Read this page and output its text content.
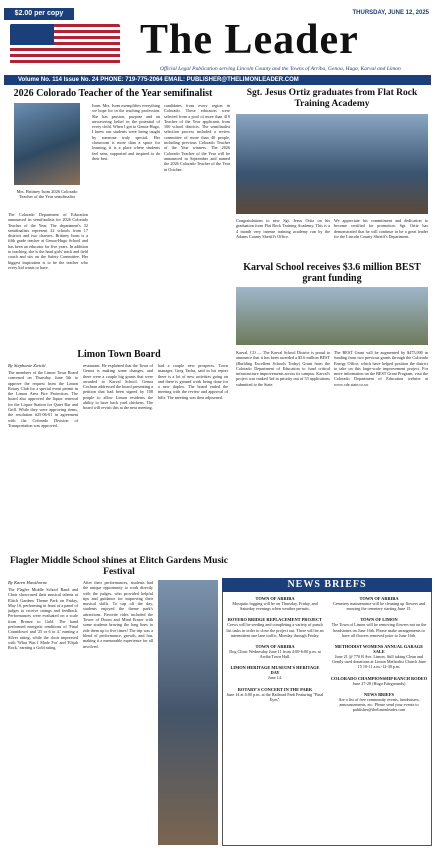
$2.00 per copy	THURSDAY, JUNE 12, 2025
The Leader
Official Legal Publication serving Lincoln County and the Towns of Arriba, Genoa, Hugo, Karval and Limon
Volume No. 114 Issue No. 24 PHONE: 719-775-2064 EMAIL: PUBLISHER@THELIMONLEADER.COM
2026 Colorado Teacher of the Year semifinalist
Mrs. Brittney Isom 2026 Colorado Teacher of the Year semifinalist
The Colorado Department of Education announced its semifinalists for 2026 Colorado Teacher of the Year. The department's 32 semifinalists represent 22 schools from 17 districts and two charters. Brittney Isom is a fifth grade teacher at Genoa-Hugo School and has been an educator for five years. In addition to teaching, she is the head girls' track and field coach and sits on the Safety Committee. Her biggest inspiration is to be the teacher who every kid wants to have.
Isom. Mrs. Isom exemplifies everything we hope for in the teaching profession. She has passion, purpose and an unwavering belief in the potential of every child. When I got to Genoa-Hugo, I knew our students were being taught by someone truly special. Her classroom is more than a space for learning, it is a place where students feel seen, supported and inspired to do their best.
candidates from every region in Colorado. These educators were selected from a pool of more than 419 Teacher of the Year applicants from 100 school districts. The semifinalist selection process included a review committee of more than 40 people, including previous Colorado Teacher of the Year winners. The 2026 Colorado Teacher of the Year will be announced in September and named the 2026 Colorado Teacher of the Year in October.
Sgt. Jesus Ortiz graduates from Flat Rock Training Academy
Congratulations to new Sgt. Jesus Ortiz on his graduation from Flat Rock Training Academy. This is a 4 month very intense training academy run by the Adams County Sheriff's Office.
We appreciate his commitment and dedication to become certified for promotion. Sgt. Ortiz has demonstrated that he will continue to be a great leader for the Lincoln County Sheriff's Department.
Karval School receives $3.6 million BEST grant funding
Karval, CO — The Karval School District is proud to announce that it has been awarded a $3.6 million BEST (Building Excellent Schools Today) Grant from the Colorado Department of Education to fund critical infrastructure improvements across its campus. Karval's project was ranked 3rd in priority out of 53 applications submitted to the State.
The BEST Grant will be augmented by $475,000 in funding from two previous grants through the Colorado Energy Office, which have helped position the district to take on this large-scale improvement project. For more information on the BEST Grant Program, visit the Colorado Department of Education website at www.cde.state.co.us.
Limon Town Board
By Stephanie Zwicki
The members of the Limon Town Board convened on Thursday, June 5th to approve the request from the Limon Rotary Club for a special event permit in the Limon Area Fire Protection. The board also approved the liquor renewal for the Liquor Station for Quiet Bar and Grill. While they were approving items, the resolution #25-06-01 in agreement with the Colorado Division of Transportation was approved.
restaurant. He explained that the Town of Genoa is making some changes, and there were a couple big grants that were awarded to Karval School. Genoa Cochran addressed the board presenting a petition that had been signed by 108 people to allow Limon residents the ability to have back yard chickens. The board will revisit this at the next meeting.
had a couple new prospects. Town manager, Greg Tacha, said in his report there is a lot of new activities going on and there is ground work being done for a new duplex. The board ended the meeting with the review and approval of bills. The meeting was then adjourned.
Flagler Middle School shines at Elitch Gardens Music Festival
By Karen Hawthorne
The Flagler Middle School Band and Choir showcased their musical talents at Elitch Gardens Theme Park on Friday, May 16, performing in front of a panel of judges to receive ratings and feedback. Performances were evaluated on a scale from Bronze to Gold. The band performed energetic renditions of 'Final Countdown' and '25 or 6 to 4,' earning a Silver rating, while the choir impressed with 'What Was I Made For' and 'Elijah Rock,' earning a Gold rating.
After their performances, students had the unique opportunity to work directly with the judges, who provided helpful tips and guidance for improving their musical skills. To cap off the day, students enjoyed the theme park's attractions. Favorite rides included the Tower of Doom and Mind Eraser with some students braving the long lines to ride them up to five times! The trip was a blend of performance, growth, and fun, making it a memorable experience for all involved.
NEWS BRIEFS
TOWN OF ARRIBA
Mosquito fogging will be on Thursday, Friday, and Saturday evenings when weather permits.
BOYERO BRIDGE REPLACEMENT PROJECT
Crews will be seeding and completing a variety of punch list tasks in order to close the project out. There will be an intermittent one lane traffic, Monday through Friday.
TOWN OF ARRIBA
Dog Clinic Wednesday June 11 from 4:00-6:00 p.m. at Arriba Town Hall.
LIMON HERITAGE MUSEUM'S HERITAGE DAY
June 14.
ROTARY'S CONCERT IN THE PARK
June 14 at 6:00 p.m. at the Railroad Park Featuring "Final Eyes".
TOWN OF ARRIBA
Cemetery maintenance will be cleaning up flowers and mowing the cemetery starting June 15.
TOWN OF LIMON
The Town of Limon will be removing flowers not on the headstones on June 16th. Please make arrangements to have all flowers removed prior to June 16th.
METHODIST WOMENS ANNUAL GARAGE SALE
June 21 @ 770 B Ave. Limon. Still taking Clean and Gently used donations at Limon Methodist Church June 15 10-11 a.m.-12-30 p.m.
COLORADO CHAMPIONSHIP RANCH RODEO
June 27-28 (Hugo Fairgrounds)
NEWS BRIEFS
Are a list of free community events, fundraisers, announcements, etc. Please send your events to publisher@thelimonleader.com
